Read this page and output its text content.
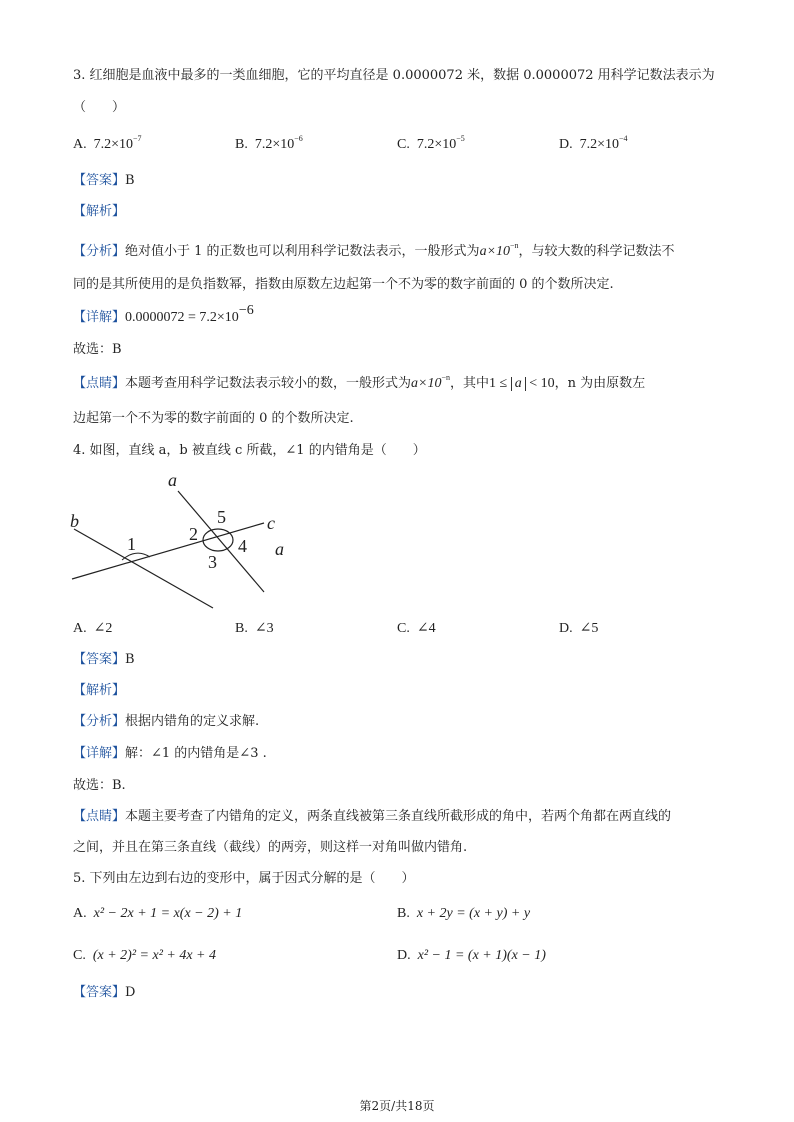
3. 红细胞是血液中最多的一类血细胞，它的平均直径是 0.0000072 米，数据 0.0000072 用科学记数法表示为
（　　）
A. $7.2\times 10^{-7}$	B. $7.2\times 10^{-6}$	C. $7.2\times 10^{-5}$	D. $7.2\times 10^{-4}$
【答案】B
【解析】
【分析】绝对值小于 1 的正数也可以利用科学记数法表示，一般形式为$a\times 10^{-n}$，与较大数的科学记数法不
同的是其所使用的是负指数幂，指数由原数左边起第一个不为零的数字前面的 0 的个数所决定.
【详解】$0.0000072 = 7.2\times 10^{-6}$
故选：B
【点睛】本题考查用科学记数法表示较小的数，一般形式为$a\times 10^{-n}$，其中1 ≤ a < 10，n 为由原数左
边起第一个不为零的数字前面的 0 的个数所决定.
4. 如图，直线 a，b 被直线 c 所截，∠1 的内错角是（　　）
a
b	c
a
1	2
3
4
5
A. ∠2	B. ∠3	C. ∠4	D. ∠5
【答案】B
【解析】
【分析】根据内错角的定义求解.
【详解】解：∠1 的内错角是∠3 .
故选：B.
【点睛】本题主要考查了内错角的定义，两条直线被第三条直线所截形成的角中，若两个角都在两直线的
之间，并且在第三条直线（截线）的两旁，则这样一对角叫做内错角.
5. 下列由左边到右边的变形中，属于因式分解的是（　　）
A. x² − 2x + 1 = x(x − 2) + 1	B. x + 2y = (x + y) + y
C. (x + 2)² = x² + 4x + 4	D. x² − 1 = (x + 1)(x − 1)
【答案】D
第2页/共18页
